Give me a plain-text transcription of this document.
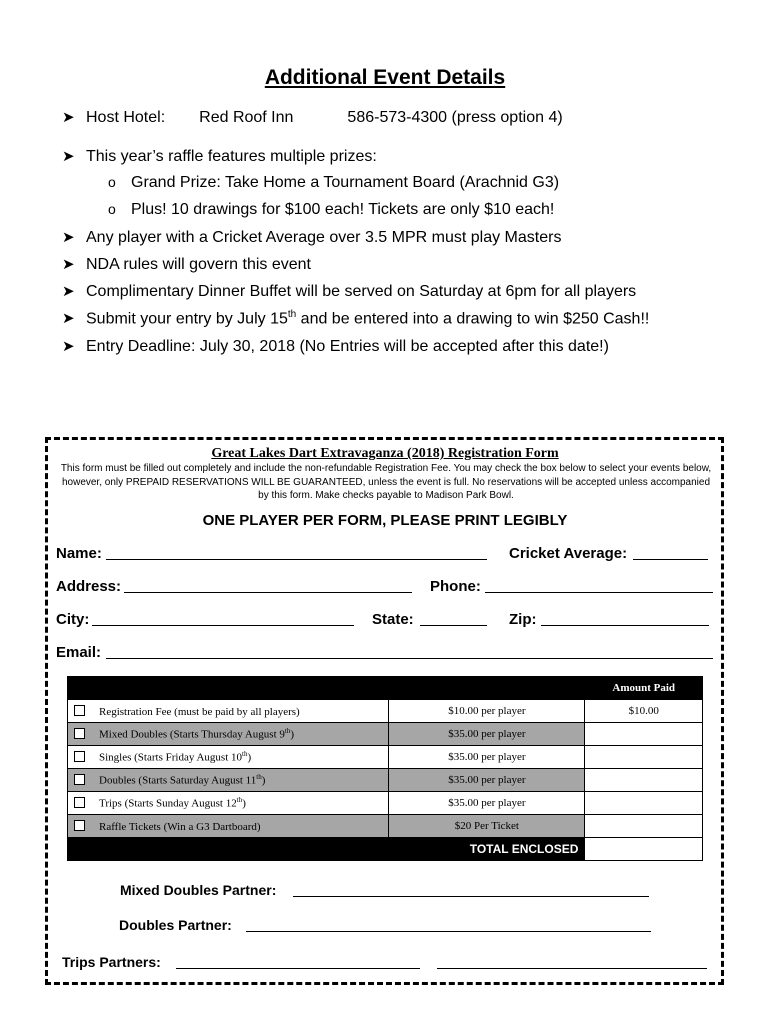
Additional Event Details
➤ Host Hotel: Red Roof Inn	586-573-4300 (press option 4)
➤ This year’s raffle features multiple prizes:
o Grand Prize: Take Home a Tournament Board (Arachnid G3)
o Plus! 10 drawings for $100 each! Tickets are only $10 each!
➤ Any player with a Cricket Average over 3.5 MPR must play Masters
➤ NDA rules will govern this event
➤ Complimentary Dinner Buffet will be served on Saturday at 6pm for all players
➤ Submit your entry by July 15th and be entered into a drawing to win $250 Cash!!
➤ Entry Deadline: July 30, 2018 (No Entries will be accepted after this date!)
Great Lakes Dart Extravaganza (2018) Registration Form
This form must be filled out completely and include the non-refundable Registration Fee. You may check the box below to select your events below, however, only PREPAID RESERVATIONS WILL BE GUARANTEED, unless the event is full. No reservations will be accepted unless accompanied by this form. Make checks payable to Madison Park Bowl.
ONE PLAYER PER FORM, PLEASE PRINT LEGIBLY
Name:	Cricket Average:
Address:	Phone:
City:	State:	Zip:
Email:
		Amount Paid
Registration Fee (must be paid by all players)	$10.00 per player	$10.00
Mixed Doubles (Starts Thursday August 9th)	$35.00 per player	
Singles (Starts Friday August 10th)	$35.00 per player	
Doubles (Starts Saturday August 11th)	$35.00 per player	
Trips (Starts Sunday August 12th)	$35.00 per player	
Raffle Tickets (Win a G3 Dartboard)	$20 Per Ticket	
TOTAL ENCLOSED		
Mixed Doubles Partner:
Doubles Partner:
Trips Partners:
